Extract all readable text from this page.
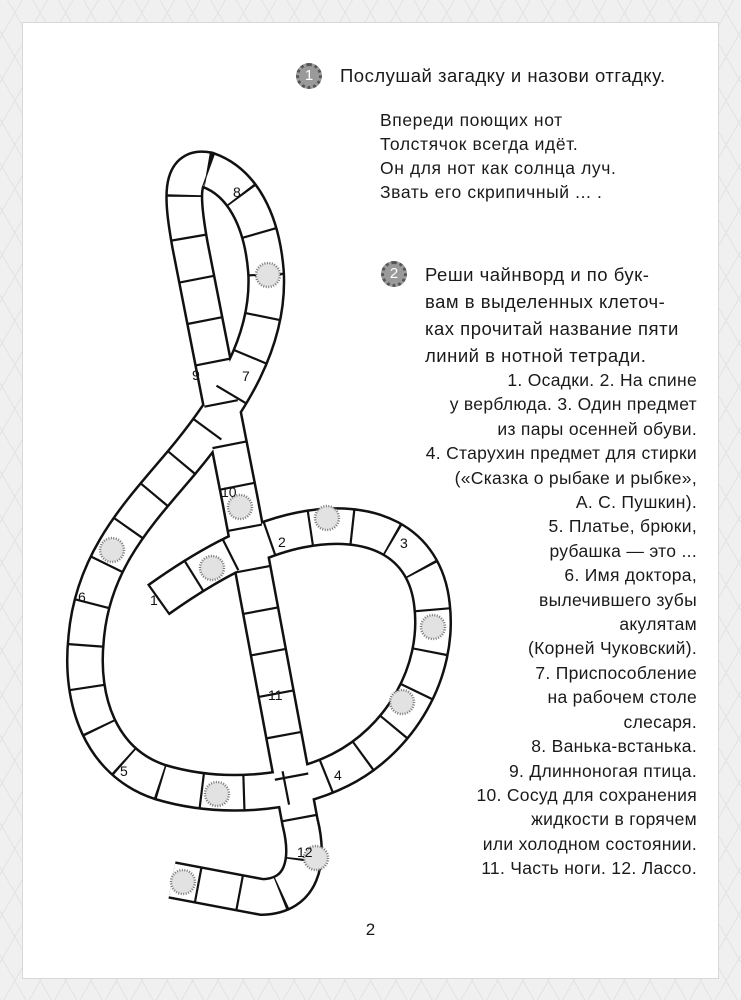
1
2	3
4
5
6
7
8
9
10
11
12
1	Послушай загадку и назови отгадку.
Впереди поющих нот
Толстячок всегда идёт.
Он для нот как солнца луч.
Звать его скрипичный ... .
2	Реши чайнворд и по бук-
вам в выделенных клеточ-
ках прочитай название пяти
линий в нотной тетради.
1. Осадки. 2. На спине
у верблюда. 3. Один предмет
из пары осенней обуви.
4. Старухин предмет для стирки
(«Сказка о рыбаке и рыбке»,
А. С. Пушкин).
5. Платье, брюки,
рубашка — это ...
6. Имя доктора,
вылечившего зубы
акулятам
(Корней Чуковский).
7. Приспособление
на рабочем столе
слесаря.
8. Ванька-встанька.
9. Длинноногая птица.
10. Сосуд для сохранения
жидкости в горячем
или холодном состоянии.
11. Часть ноги. 12. Лассо.
2
